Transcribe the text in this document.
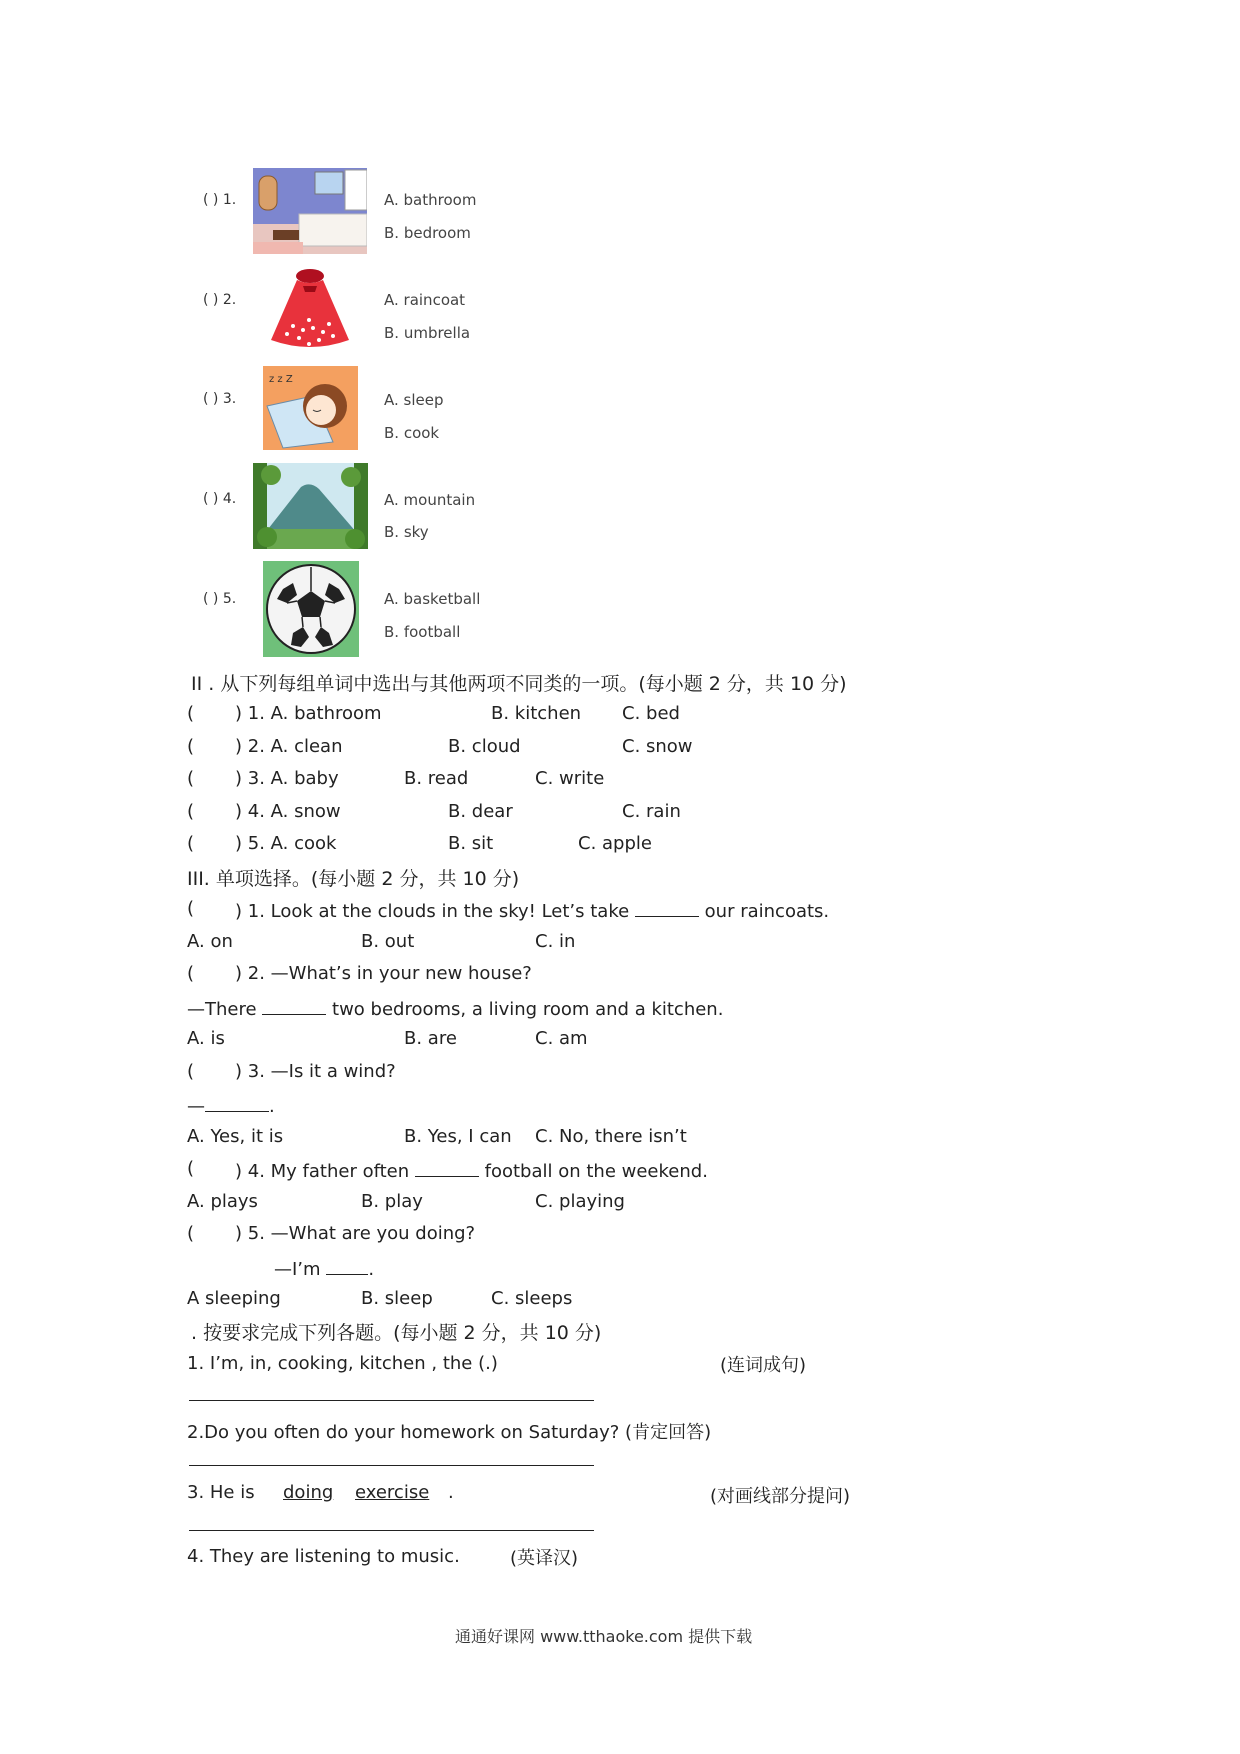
( ) 1.	A. bathroom
B. bedroom
( ) 2.	A. raincoat
B. umbrella
( ) 3.
z z Z
A. sleep
B. cook
( ) 4.	A. mountain
B. sky
( ) 5.	A. basketball
B. football
II . 从下列每组单词中选出与其他两项不同类的一项。(每小题 2 分，共 10 分)
( ) 1. A. bathroom	B. kitchen C. bed
( ) 2. A. clean	B. cloud	C. snow
( ) 3. A. baby	B. read	C. write
( ) 4. A. snow	B. dear	C. rain
( ) 5. A. cook	B. sit	C. apple
III. 单项选择。(每小题 2 分，共 10 分)
( ) 1. Look at the clouds in the sky! Let’s take	our raincoats.
A. on	B. out	C. in
( ) 2. —What’s in your new house?
—There	two bedrooms, a living room and a kitchen.
A. is	B. are	C. am
( ) 3. —Is it a wind?
—	.
A. Yes, it is	B. Yes, I can C. No, there isn’t
( ) 4. My father often	football on the weekend.
A. plays	B. play	C. playing
( ) 5. —What are you doing?
—I’m	.
A sleeping	B. sleep	C. sleeps
. 按要求完成下列各题。(每小题 2 分，共 10 分)
1. I’m, in, cooking, kitchen , the (.)	(连词成句)
2.Do you often do your homework on Saturday? (肯定回答)
3. He is doing exercise .	(对画线部分提问)
4. They are listening to music.	(英译汉)
通通好课网 www.tthaoke.com 提供下载
